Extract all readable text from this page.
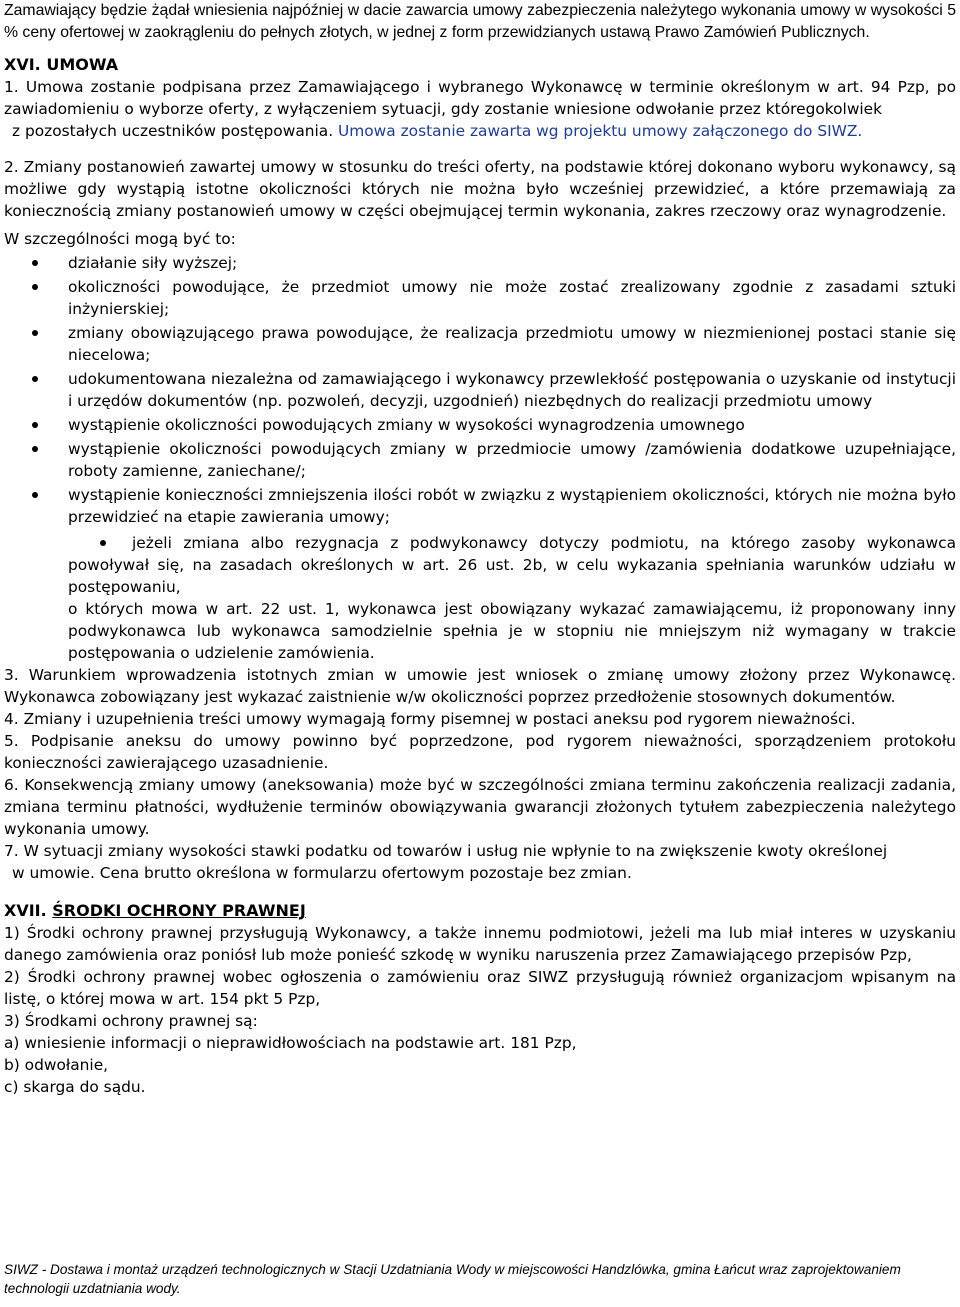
Zamawiający będzie żądał wniesienia najpóźniej w dacie zawarcia umowy zabezpieczenia należytego wykonania umowy w wysokości 5 % ceny ofertowej w zaokrągleniu do pełnych złotych, w jednej z form przewidzianych ustawą Prawo Zamówień Publicznych.

XVI. UMOWA

1. Umowa zostanie podpisana przez Zamawiającego i wybranego Wykonawcę w terminie określonym w art. 94 Pzp, po zawiadomieniu o wyborze oferty, z wyłączeniem sytuacji, gdy zostanie wniesione odwołanie przez któregokolwiek
z pozostałych uczestników postępowania. Umowa zostanie zawarta wg projektu umowy załączonego do SIWZ.

2. Zmiany postanowień zawartej umowy w stosunku do treści oferty, na podstawie której dokonano wyboru wykonawcy, są możliwe gdy wystąpią istotne okoliczności których nie można było wcześniej przewidzieć, a które przemawiają za koniecznością zmiany postanowień umowy w części obejmującej termin wykonania, zakres rzeczowy oraz wynagrodzenie.

W szczególności mogą być to:

działanie siły wyższej;
okoliczności powodujące, że przedmiot umowy nie może zostać zrealizowany zgodnie z zasadami sztuki inżynierskiej;
zmiany obowiązującego prawa powodujące, że realizacja przedmiotu umowy w niezmienionej postaci stanie się niecelowa;
udokumentowana niezależna od zamawiającego i wykonawcy przewlekłość postępowania o uzyskanie od instytucji i urzędów dokumentów (np. pozwoleń, decyzji, uzgodnień) niezbędnych do realizacji przedmiotu umowy
wystąpienie okoliczności powodujących zmiany w wysokości wynagrodzenia umownego
wystąpienie okoliczności powodujących zmiany w przedmiocie umowy /zamówienia dodatkowe uzupełniające, roboty zamienne, zaniechane/;
wystąpienie konieczności zmniejszenia ilości robót w związku z wystąpieniem okoliczności, których nie można było przewidzieć na etapie zawierania umowy;

jeżeli zmiana albo rezygnacja z podwykonawcy dotyczy podmiotu, na którego zasoby wykonawca powoływał się, na zasadach określonych w art. 26 ust. 2b, w celu wykazania spełniania warunków udziału w postępowaniu,

o których mowa w art. 22 ust. 1, wykonawca jest obowiązany wykazać zamawiającemu, iż proponowany inny podwykonawca lub wykonawca samodzielnie spełnia je w stopniu nie mniejszym niż wymagany w trakcie postępowania o udzielenie zamówienia.

3. Warunkiem wprowadzenia istotnych zmian w umowie jest wniosek o zmianę umowy złożony przez Wykonawcę. Wykonawca zobowiązany jest wykazać zaistnienie w/w okoliczności poprzez przedłożenie stosownych dokumentów.

4. Zmiany i uzupełnienia treści umowy wymagają formy pisemnej w postaci aneksu pod rygorem nieważności.

5. Podpisanie aneksu do umowy powinno być poprzedzone, pod rygorem nieważności, sporządzeniem protokołu konieczności zawierającego uzasadnienie.

6. Konsekwencją zmiany umowy (aneksowania) może być w szczególności zmiana terminu zakończenia realizacji zadania, zmiana terminu płatności, wydłużenie terminów obowiązywania gwarancji złożonych tytułem zabezpieczenia należytego wykonania umowy.

7. W sytuacji zmiany wysokości stawki podatku od towarów i usług nie wpłynie to na zwiększenie kwoty określonej
w umowie. Cena brutto określona w formularzu ofertowym pozostaje bez zmian.

XVII. ŚRODKI OCHRONY PRAWNEJ

1) Środki ochrony prawnej przysługują Wykonawcy, a także innemu podmiotowi, jeżeli ma lub miał interes w uzyskaniu danego zamówienia oraz poniósł lub może ponieść szkodę w wyniku naruszenia przez Zamawiającego przepisów Pzp,

2) Środki ochrony prawnej wobec ogłoszenia o zamówieniu oraz SIWZ przysługują również organizacjom wpisanym na listę, o której mowa w art. 154 pkt 5 Pzp,

3) Środkami ochrony prawnej są:

a) wniesienie informacji o nieprawidłowościach na podstawie art. 181 Pzp,

b) odwołanie,

c) skarga do sądu.

SIWZ - Dostawa i montaż urządzeń technologicznych w Stacji Uzdatniania Wody w miejscowości Handzlówka, gmina Łańcut wraz zaprojektowaniem technologii uzdatniania wody.
